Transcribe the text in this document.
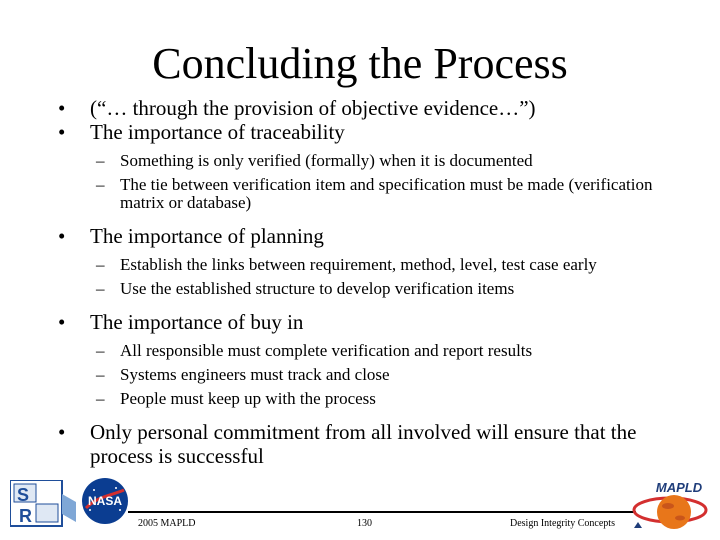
Concluding the Process
• (“… through the provision of objective evidence…”)
• The importance of traceability
– Something is only verified (formally) when it is documented
– The tie between verification item and specification must be made (verification matrix or database)
• The importance of planning
– Establish the links between requirement, method, level, test case early
– Use the established structure to develop verification items
• The importance of buy in
– All responsible must complete verification and report results
– Systems engineers must track and close
– People must keep up with the process
• Only personal commitment from all involved will ensure that the process is successful
S
R
NASA
2005 MAPLD	130	Design Integrity Concepts
MAPLD
